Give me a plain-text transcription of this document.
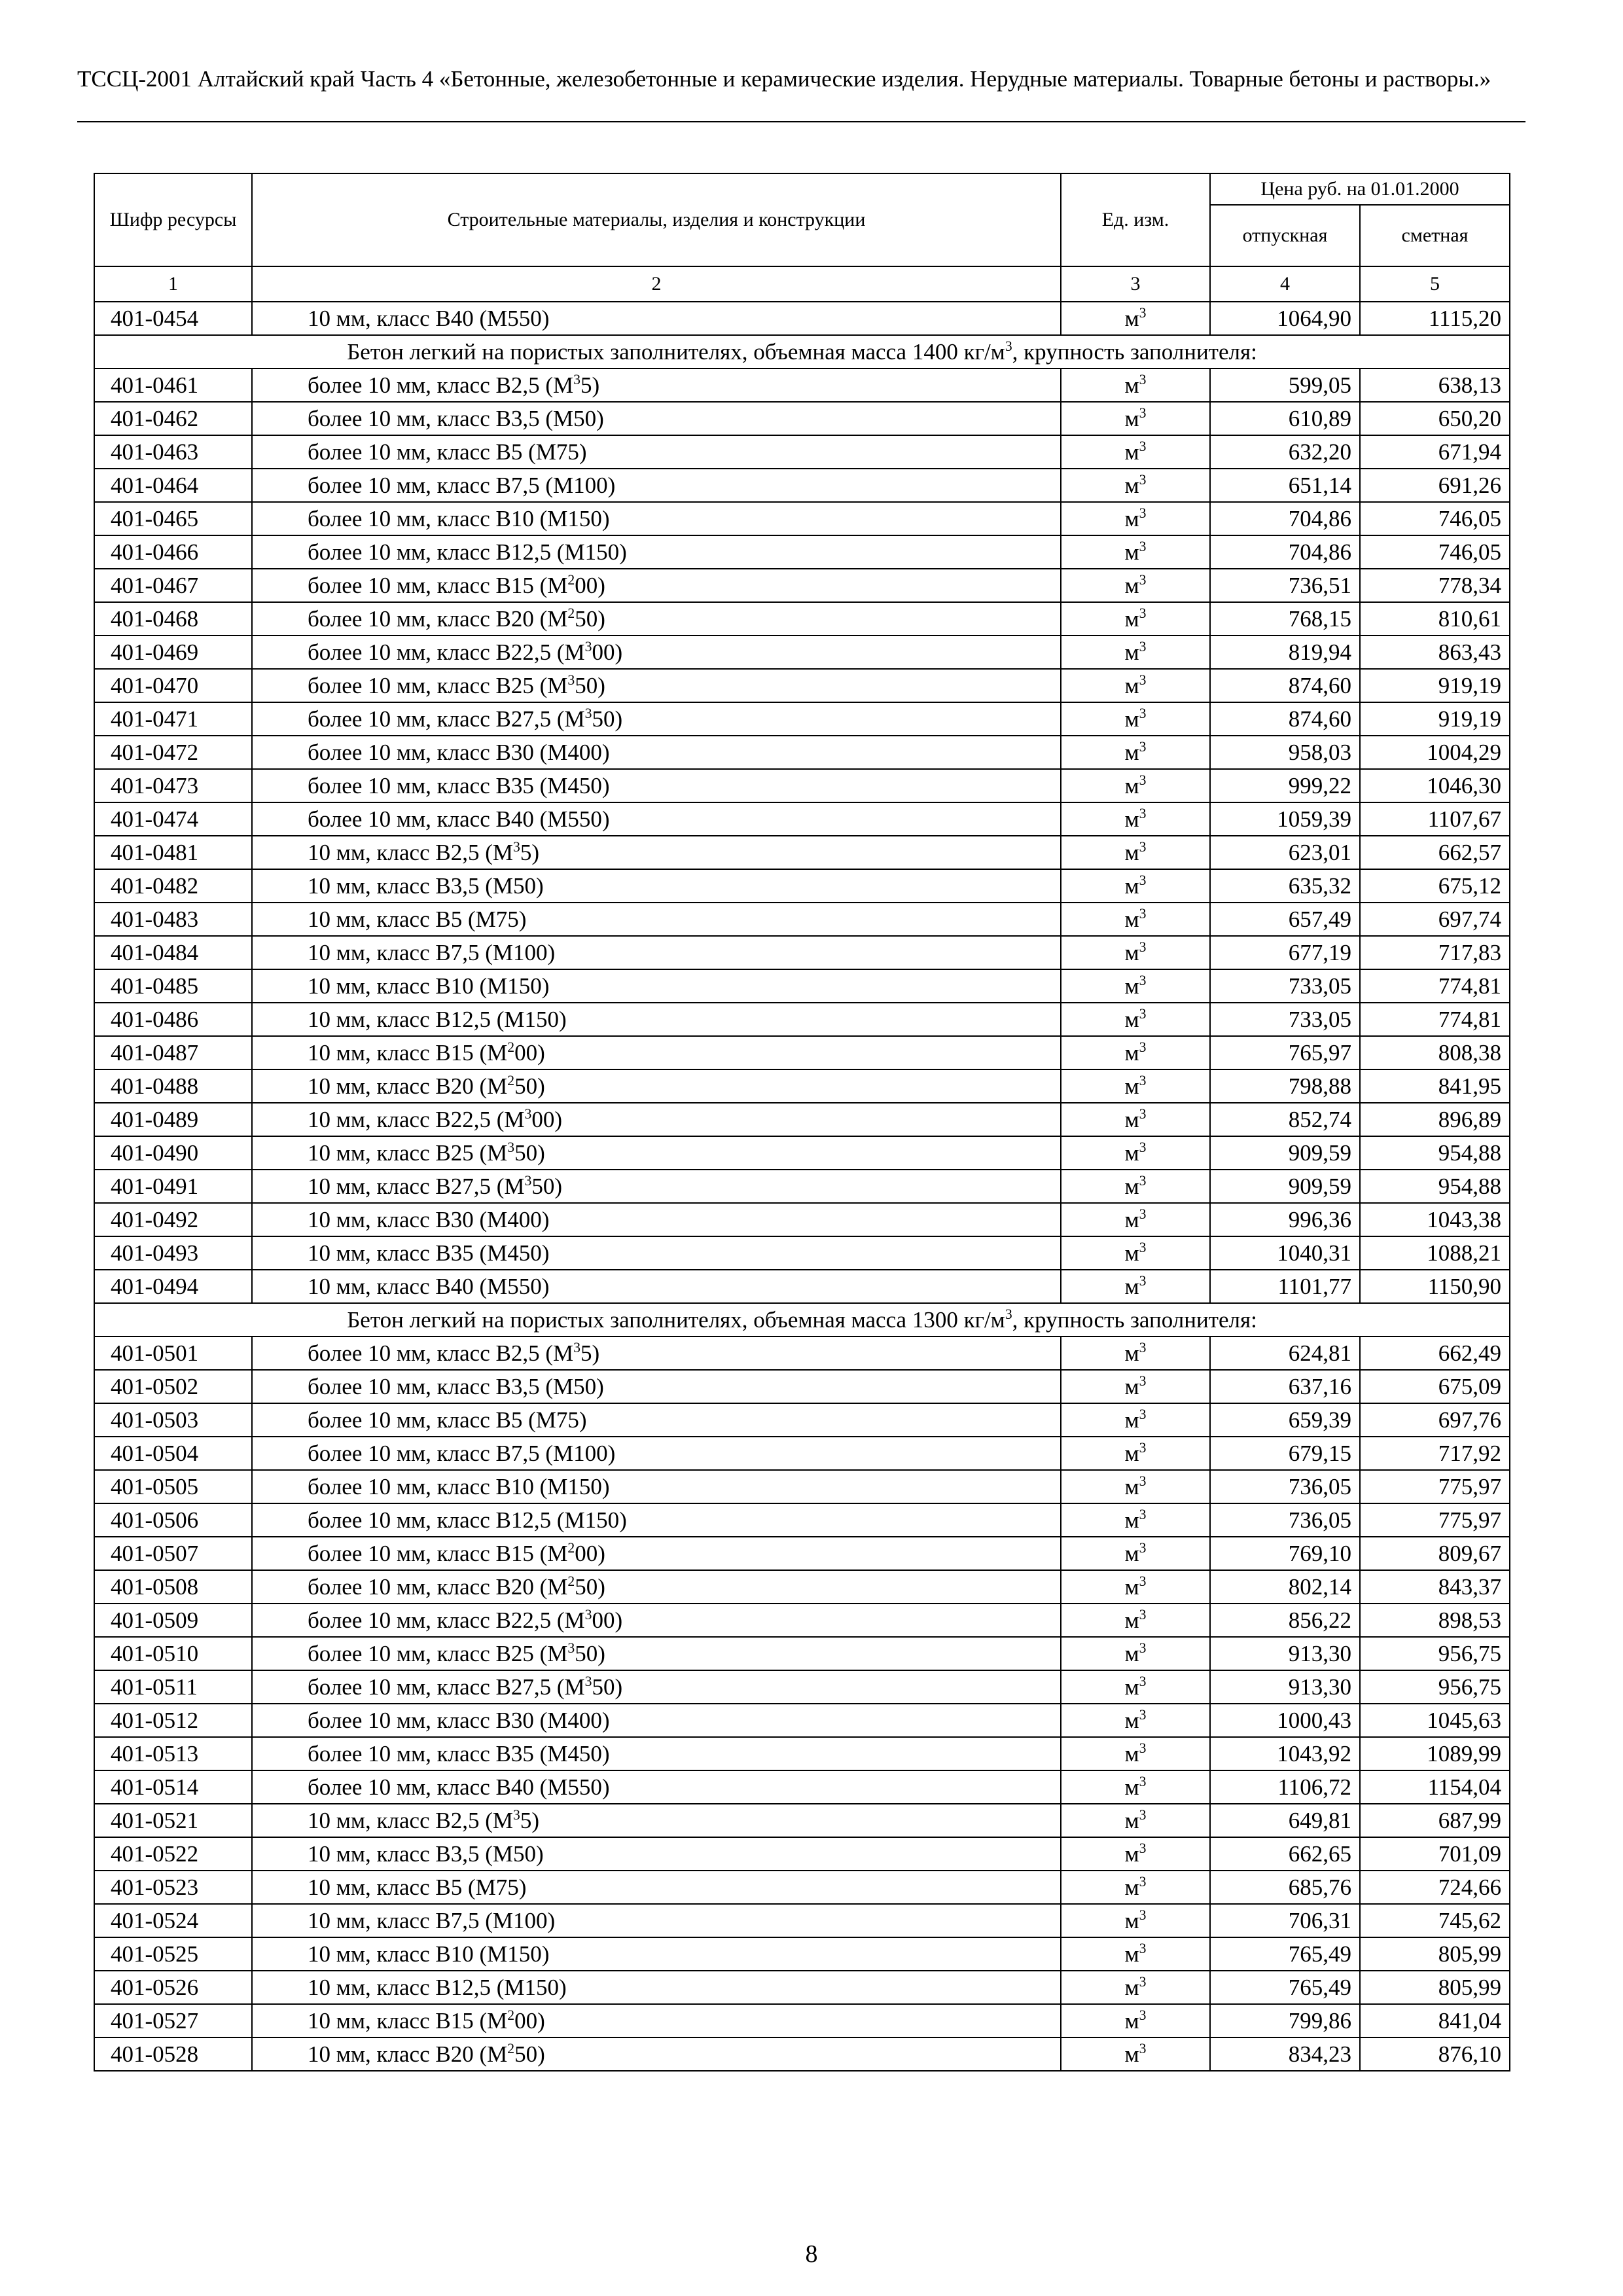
ТССЦ-2001 Алтайский край Часть 4 «Бетонные, железобетонные и керамические изделия. Нерудные материалы. Товарные бетоны и растворы.»
Шифр ресурсы	Строительные материалы, изделия и конструкции	Ед. изм.	Цена руб. на 01.01.2000	
			отпускная	сметная
1	2	3	4	5
401-0454	10 мм, класс В40 (М550)	$м^3$	1064,90	1115,20
Бетон легкий на пористых заполнителях, объемная масса 1400 $кг/м^3$, крупность заполнителя:				
401-0461	более 10 мм, класс В2,5 $(М^35)$	$м^3$	599,05	638,13
401-0462	более 10 мм, класс В3,5 (М50)	$м^3$	610,89	650,20
401-0463	более 10 мм, класс В5 (М75)	$м^3$	632,20	671,94
401-0464	более 10 мм, класс В7,5 (М100)	$м^3$	651,14	691,26
401-0465	более 10 мм, класс В10 (М150)	$м^3$	704,86	746,05
401-0466	более 10 мм, класс В12,5 (М150)	$м^3$	704,86	746,05
401-0467	более 10 мм, класс В15 $(М^200)$	$м^3$	736,51	778,34
401-0468	более 10 мм, класс В20 $(М^250)$	$м^3$	768,15	810,61
401-0469	более 10 мм, класс В22,5 $(М^300)$	$м^3$	819,94	863,43
401-0470	более 10 мм, класс В25 $(М^350)$	$м^3$	874,60	919,19
401-0471	более 10 мм, класс В27,5 $(М^350)$	$м^3$	874,60	919,19
401-0472	более 10 мм, класс В30 (М400)	$м^3$	958,03	1004,29
401-0473	более 10 мм, класс В35 (М450)	$м^3$	999,22	1046,30
401-0474	более 10 мм, класс В40 (М550)	$м^3$	1059,39	1107,67
401-0481	10 мм, класс В2,5 $(М^35)$	$м^3$	623,01	662,57
401-0482	10 мм, класс В3,5 (М50)	$м^3$	635,32	675,12
401-0483	10 мм, класс В5 (М75)	$м^3$	657,49	697,74
401-0484	10 мм, класс В7,5 (М100)	$м^3$	677,19	717,83
401-0485	10 мм, класс В10 (М150)	$м^3$	733,05	774,81
401-0486	10 мм, класс В12,5 (М150)	$м^3$	733,05	774,81
401-0487	10 мм, класс В15 $(М^200)$	$м^3$	765,97	808,38
401-0488	10 мм, класс В20 $(М^250)$	$м^3$	798,88	841,95
401-0489	10 мм, класс В22,5 $(М^300)$	$м^3$	852,74	896,89
401-0490	10 мм, класс В25 $(М^350)$	$м^3$	909,59	954,88
401-0491	10 мм, класс В27,5 $(М^350)$	$м^3$	909,59	954,88
401-0492	10 мм, класс В30 (М400)	$м^3$	996,36	1043,38
401-0493	10 мм, класс В35 (М450)	$м^3$	1040,31	1088,21
401-0494	10 мм, класс В40 (М550)	$м^3$	1101,77	1150,90
Бетон легкий на пористых заполнителях, объемная масса 1300 $кг/м^3$, крупность заполнителя:				
401-0501	более 10 мм, класс В2,5 $(М^35)$	$м^3$	624,81	662,49
401-0502	более 10 мм, класс В3,5 (М50)	$м^3$	637,16	675,09
401-0503	более 10 мм, класс В5 (М75)	$м^3$	659,39	697,76
401-0504	более 10 мм, класс В7,5 (М100)	$м^3$	679,15	717,92
401-0505	более 10 мм, класс В10 (М150)	$м^3$	736,05	775,97
401-0506	более 10 мм, класс В12,5 (М150)	$м^3$	736,05	775,97
401-0507	более 10 мм, класс В15 $(М^200)$	$м^3$	769,10	809,67
401-0508	более 10 мм, класс В20 $(М^250)$	$м^3$	802,14	843,37
401-0509	более 10 мм, класс В22,5 $(М^300)$	$м^3$	856,22	898,53
401-0510	более 10 мм, класс В25 $(М^350)$	$м^3$	913,30	956,75
401-0511	более 10 мм, класс В27,5 $(М^350)$	$м^3$	913,30	956,75
401-0512	более 10 мм, класс В30 (М400)	$м^3$	1000,43	1045,63
401-0513	более 10 мм, класс В35 (М450)	$м^3$	1043,92	1089,99
401-0514	более 10 мм, класс В40 (М550)	$м^3$	1106,72	1154,04
401-0521	10 мм, класс В2,5 $(М^35)$	$м^3$	649,81	687,99
401-0522	10 мм, класс В3,5 (М50)	$м^3$	662,65	701,09
401-0523	10 мм, класс В5 (М75)	$м^3$	685,76	724,66
401-0524	10 мм, класс В7,5 (М100)	$м^3$	706,31	745,62
401-0525	10 мм, класс В10 (М150)	$м^3$	765,49	805,99
401-0526	10 мм, класс В12,5 (М150)	$м^3$	765,49	805,99
401-0527	10 мм, класс В15 $(М^200)$	$м^3$	799,86	841,04
401-0528	10 мм, класс В20 $(М^250)$	$м^3$	834,23	876,10
8
